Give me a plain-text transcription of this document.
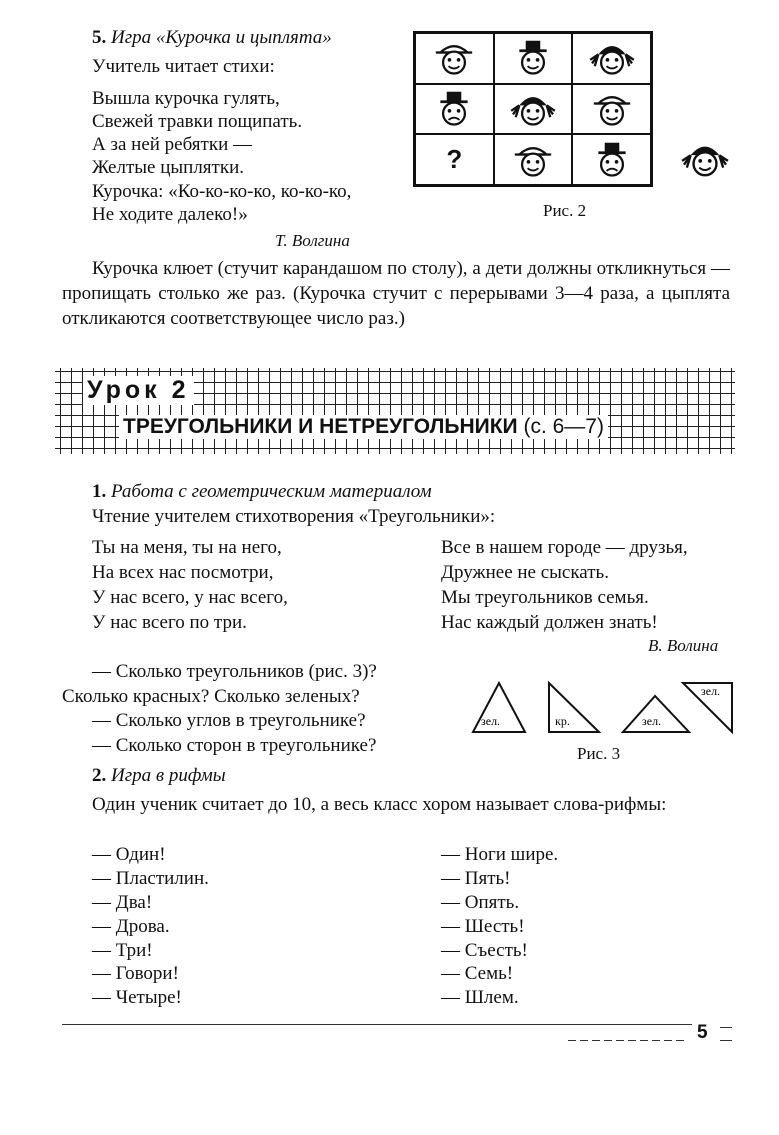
5. Игра «Курочка и цыплята»
Учитель читает стихи:
Вышла курочка гулять,
Свежей травки пощипать.
А за ней ребятки —
Желтые цыплятки.
Курочка: «Ко-ко-ко-ко, ко-ко-ко,
Не ходите далеко!»
Т. Волгина
?
Рис. 2
Курочка клюет (стучит карандашом по столу), а дети должны откликнуться — пропищать столько же раз. (Курочка стучит с перерывами 3—4 раза, а цыплята откликаются соответствующее число раз.)
Урок 2
ТРЕУГОЛЬНИКИ И НЕТРЕУГОЛЬНИКИ (с. 6—7)
1. Работа с геометрическим материалом
Чтение учителем стихотворения «Треугольники»:
Ты на меня, ты на него,
На всех нас посмотри,
У нас всего, у нас всего,
У нас всего по три.
Все в нашем городе — друзья,
Дружнее не сыскать.
Мы треугольников семья.
Нас каждый должен знать!
В. Волина
— Сколько треугольников (рис. 3)?
Сколько красных? Сколько зеленых?
— Сколько углов в треугольнике?
— Сколько сторон в треугольнике?
зел.	кр.	зел.
зел.
Рис. 3
2. Игра в рифмы
Один ученик считает до 10, а весь класс хором называет слова-рифмы:
— Один!
— Пластилин.
— Два!
— Дрова.
— Три!
— Говори!
— Четыре!
— Ноги шире.
— Пять!
— Опять.
— Шесть!
— Съесть!
— Семь!
— Шлем.
5
